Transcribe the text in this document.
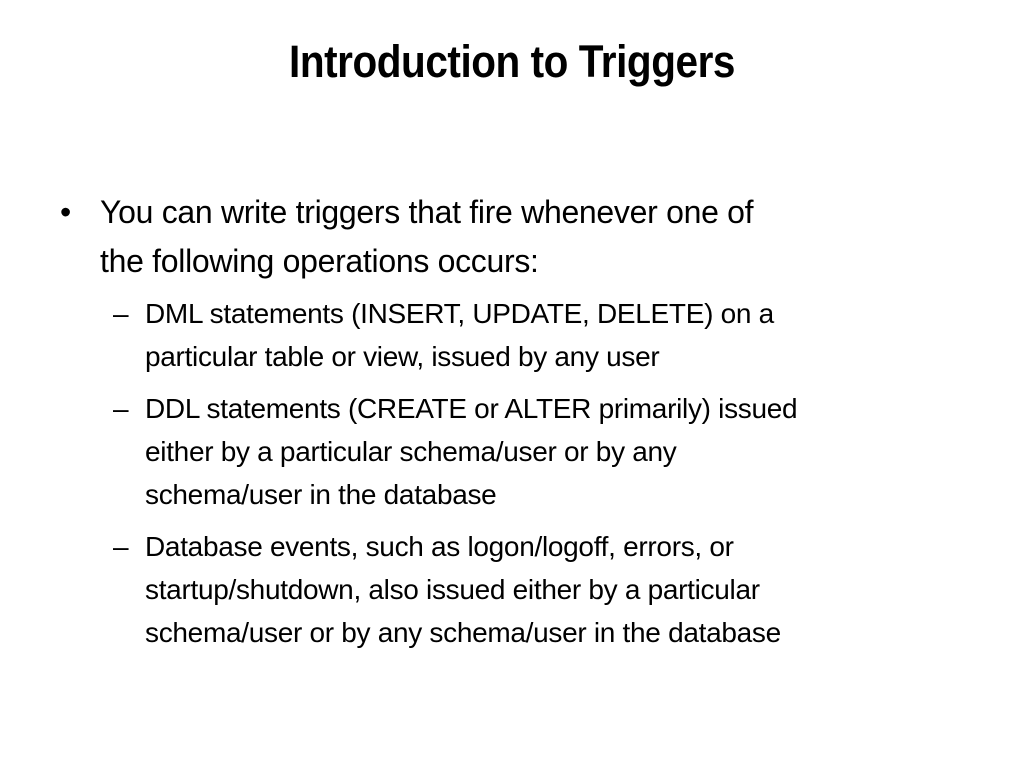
Introduction to Triggers
• You can write triggers that fire whenever one of
the following operations occurs:
– DML statements (INSERT, UPDATE, DELETE) on a
particular table or view, issued by any user
– DDL statements (CREATE or ALTER primarily) issued
either by a particular schema/user or by any
schema/user in the database
– Database events, such as logon/logoff, errors, or
startup/shutdown, also issued either by a particular
schema/user or by any schema/user in the database
